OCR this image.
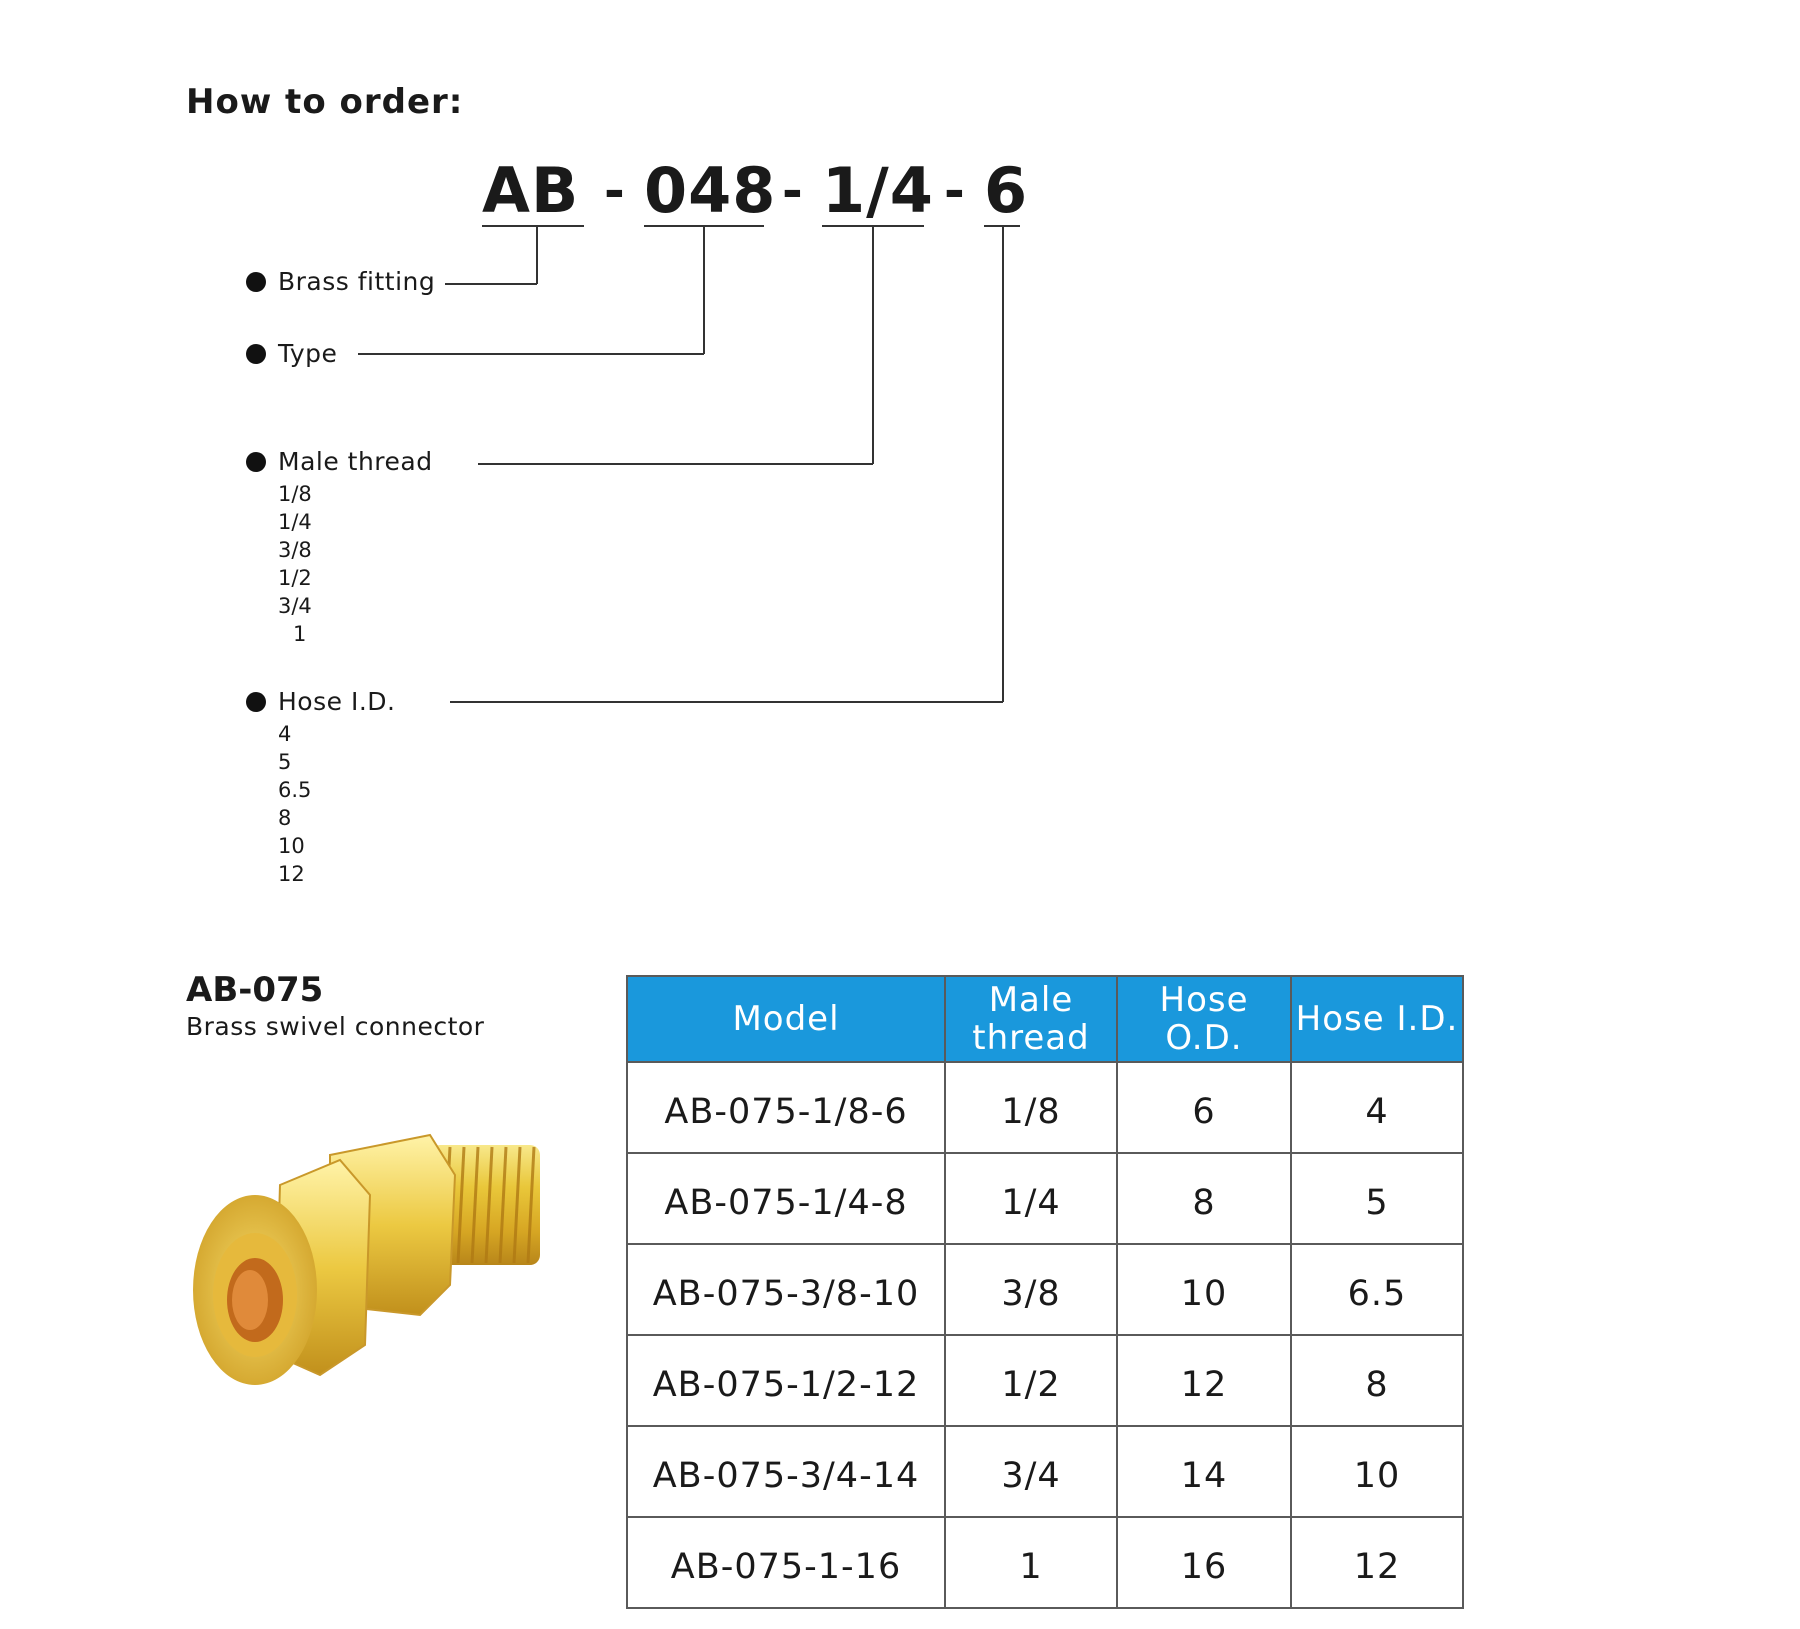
How to order:
AB - 048 - 1/4 - 6
Brass fitting
Type
Male thread
1/8
1/4
3/8
1/2
3/4
1
Hose I.D.
4
5
6.5
8
10
12
AB-075
Brass swivel connector	Model	Male thread	Hose O.D.	Hose I.D.
AB-075-1/8-6	1/8	6	4
AB-075-1/4-8	1/4	8	5
AB-075-3/8-10	3/8	10	6.5
AB-075-1/2-12	1/2	12	8
AB-075-3/4-14	3/4	14	10
AB-075-1-16	1	16	12
